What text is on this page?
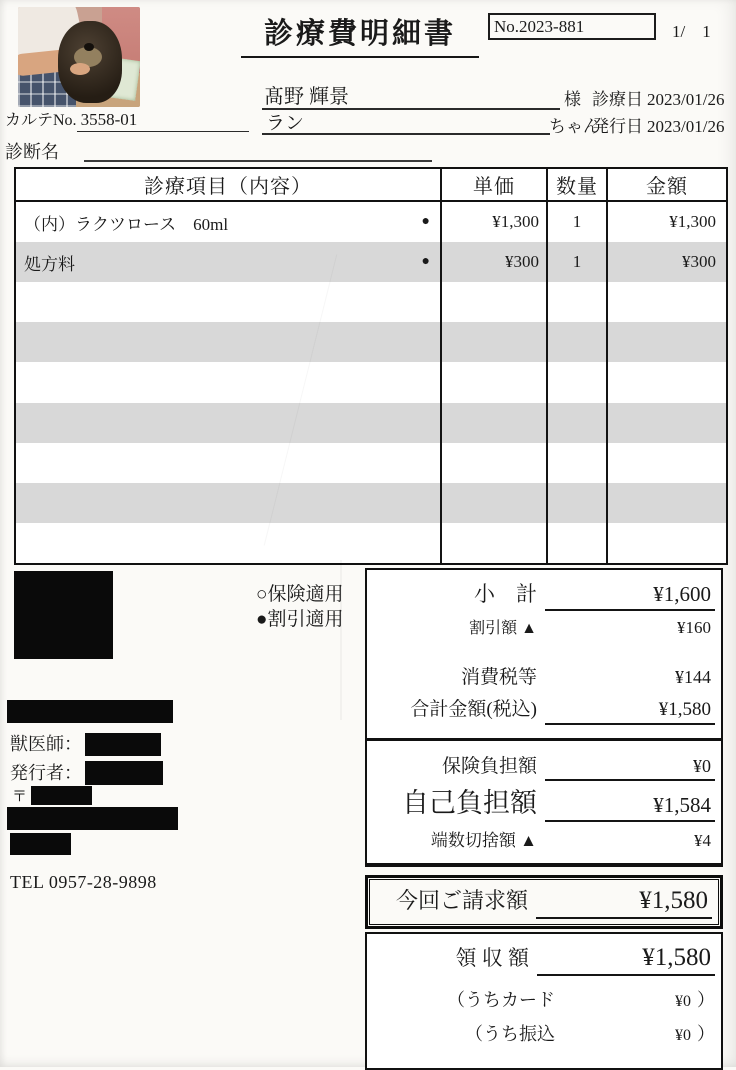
診療費明細書	No.2023-881	1/　1
髙野 輝景	様 診療日 2023/01/26
カルテNo. 3558-01	ラン	ちゃん
発行日 2023/01/26
診断名
診療項目（内容）	単価	数量	金額
（内）ラクツロース　60ml	●	¥1,300	1	¥1,300
処方料	●	¥300	1	¥300
○保険適用
●割引適用
獣医師：
発行者：
〒
TEL 0957-28-9898
小　計	¥1,600
割引額 ▲	¥160
消費税等	¥144
合計金額(税込)	¥1,580
保険負担額	¥0
自己負担額	¥1,584
端数切捨額 ▲	¥4
今回ご請求額	¥1,580
領 収 額	¥1,580
（うちカード	¥0 ）
（うち振込	¥0 ）
